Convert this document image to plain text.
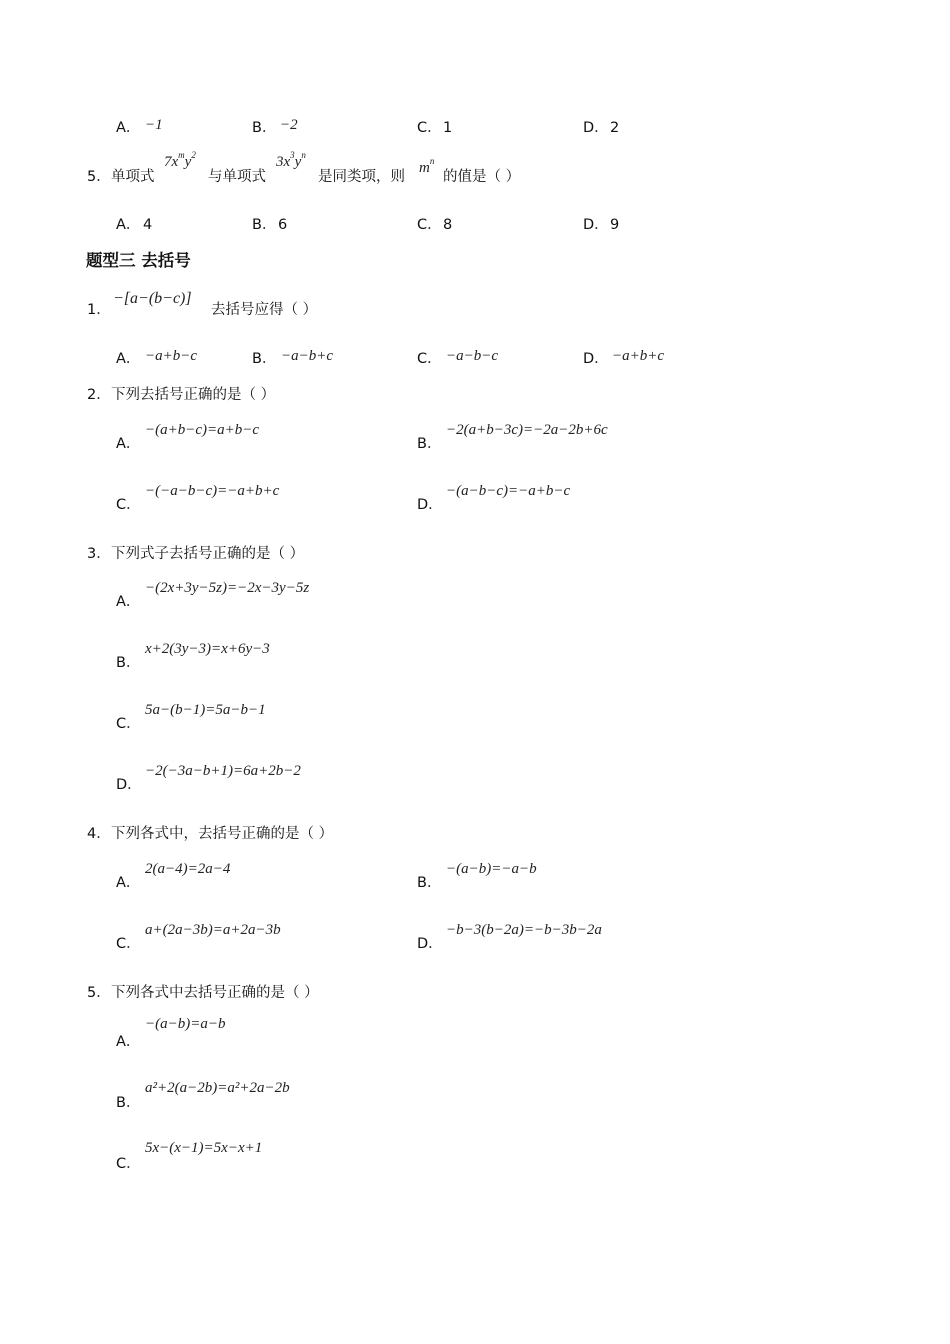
A． −1	B． −2	C． 1	D． 2
5． 单项式
$7x^my^2$
与单项式
$3x^3y^n$
是同类项，则
$m^n$
的值是（ ）
A． 4	B． 6	C． 8	D． 9
题型三 去括号
1．
−[a−(b−c)]
去括号应得（ ）
A． −a+b−c	B． −a−b+c	C． −a−b−c	D． −a+b+c
2． 下列去括号正确的是（ ）
A．
−(a+b−c)=a+b−c
B．
−2(a+b−3c)=−2a−2b+6c
C．
−(−a−b−c)=−a+b+c
D．
−(a−b−c)=−a+b−c
3． 下列式子去括号正确的是（ ）
A．
−(2x+3y−5z)=−2x−3y−5z
B．
x+2(3y−3)=x+6y−3
C．
5a−(b−1)=5a−b−1
D．
−2(−3a−b+1)=6a+2b−2
4． 下列各式中，去括号正确的是（ ）
A．
2(a−4)=2a−4
B．
−(a−b)=−a−b
C．
a+(2a−3b)=a+2a−3b
D．
−b−3(b−2a)=−b−3b−2a
5． 下列各式中去括号正确的是（ ）
A．
−(a−b)=a−b
B．
a²+2(a−2b)=a²+2a−2b
C．
5x−(x−1)=5x−x+1
